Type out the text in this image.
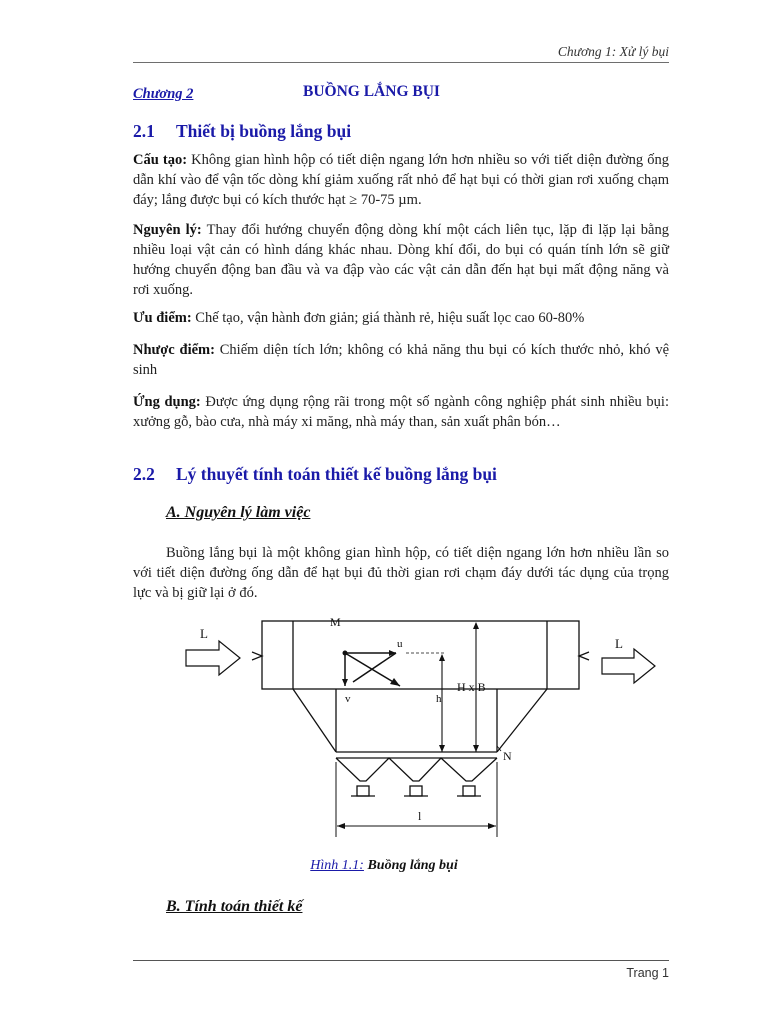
Chương 1: Xử lý bụi
Chương 2	BUỒNG LẮNG BỤI
2.1 Thiết bị buồng lắng bụi
Cấu tạo: Không gian hình hộp có tiết diện ngang lớn hơn nhiều so với tiết diện đường ống dẫn khí vào để vận tốc dòng khí giảm xuống rất nhỏ để hạt bụi có thời gian rơi xuống chạm đáy; lắng được bụi có kích thước hạt ≥ 70-75 µm.
Nguyên lý: Thay đổi hướng chuyển động dòng khí một cách liên tục, lặp đi lặp lại bằng nhiều loại vật cản có hình dáng khác nhau. Dòng khí đổi, do bụi có quán tính lớn sẽ giữ hướng chuyển động ban đầu và va đập vào các vật cản dẫn đến hạt bụi mất động năng và rơi xuống.
Ưu điểm: Chế tạo, vận hành đơn giản; giá thành rẻ, hiệu suất lọc cao 60-80%
Nhược điểm: Chiếm diện tích lớn; không có khả năng thu bụi có kích thước nhỏ, khó vệ sinh
Ứng dụng: Được ứng dụng rộng rãi trong một số ngành công nghiệp phát sinh nhiều bụi: xưởng gỗ, bào cưa, nhà máy xi măng, nhà máy than, sản xuất phân bón…
2.2 Lý thuyết tính toán thiết kế buồng lắng bụi
A. Nguyên lý làm việc
Buồng lắng bụi là một không gian hình hộp, có tiết diện ngang lớn hơn nhiều lần so với tiết diện đường ống dẫn để hạt bụi đủ thời gian rơi chạm đáy dưới tác dụng của trọng lực và bị giữ lại ở đó.
L
L
M
N
u
v	h
H x B
l
Hình 1.1: Buồng lắng bụi
B. Tính toán thiết kế
Trang 1
